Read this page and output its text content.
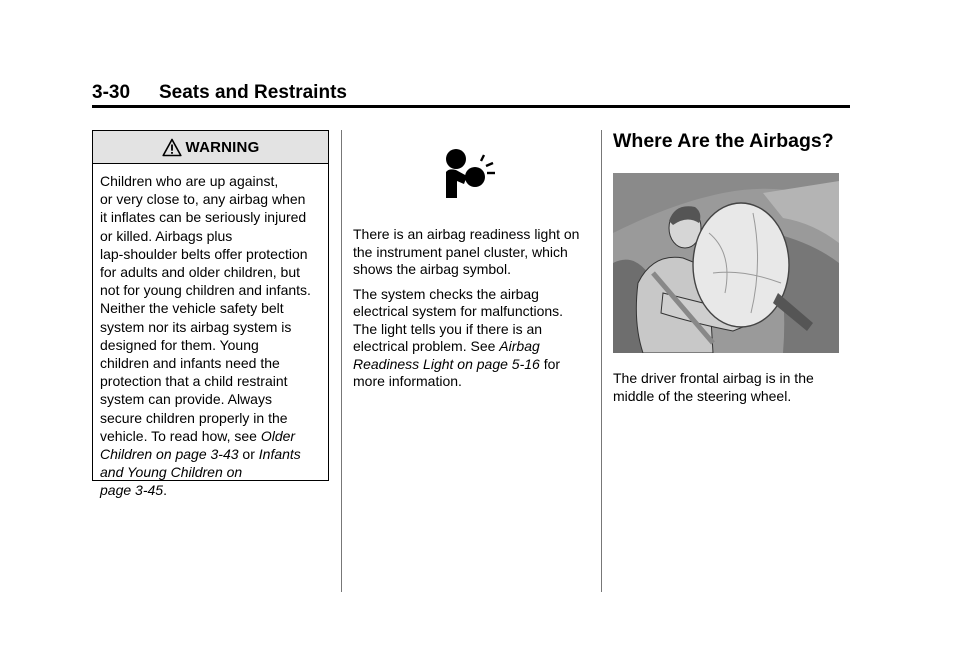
3-30 Seats and Restraints
WARNING
Children who are up against,
or very close to, any airbag when
it inflates can be seriously injured
or killed. Airbags plus
lap-shoulder belts offer protection
for adults and older children, but
not for young children and infants.
Neither the vehicle safety belt
system nor its airbag system is
designed for them. Young
children and infants need the
protection that a child restraint
system can provide. Always
secure children properly in the
vehicle. To read how, see Older
Children on page 3-43 or Infants
and Young Children on
page 3-45.

There is an airbag readiness light on the instrument panel cluster, which shows the airbag symbol.

The system checks the airbag electrical system for malfunctions. The light tells you if there is an electrical problem. See Airbag Readiness Light on page 5-16 for more information.

Where Are the Airbags?
The driver frontal airbag is in the middle of the steering wheel.
